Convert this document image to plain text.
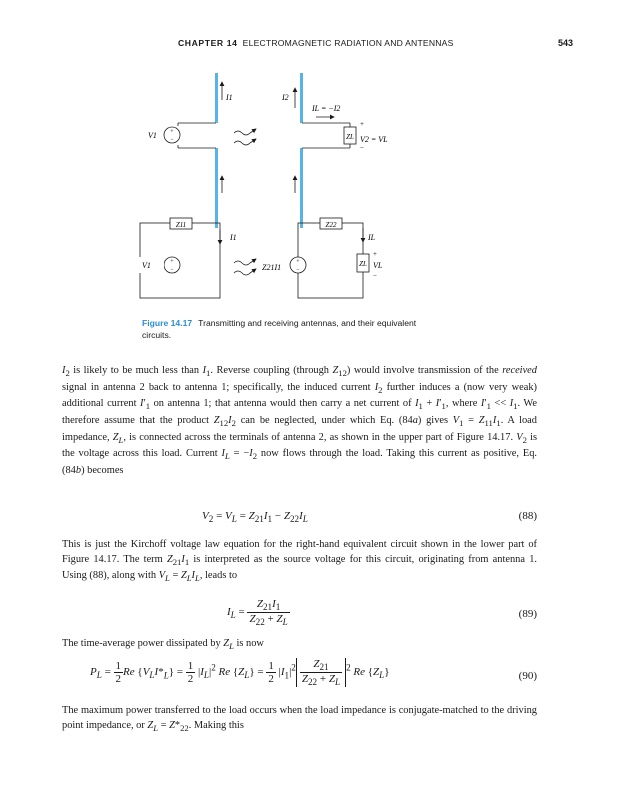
CHAPTER 14 ELECTROMAGNETIC RADIATION AND ANTENNAS	543
+
−
V1
I1
ZL
I2
IL = −I2
+
V2 = VL
−
Z11
+
−
V1
I1
Z21I1
Z22
+
−
ZL
IL
+
VL
−
Figure 14.17 Transmitting and receiving antennas, and their equivalent circuits.

$I_2$ is likely to be much less than $I_1$. Reverse coupling (through $Z_{12}$) would involve transmission of the received signal in antenna 2 back to antenna 1; specifically, the induced current $I_2$ further induces a (now very weak) additional current $I'_1$ on antenna 1; that antenna would then carry a net current of $I_1 + I'_1$, where $I'_1 << I_1$. We therefore assume that the product $Z_{12}I_2$ can be neglected, under which Eq. (84a) gives $V_1 = Z_{11}I_1$. A load impedance, $Z_L$, is connected across the terminals of antenna 2, as shown in the upper part of Figure 14.17. $V_2$ is the voltage across this load. Current $I_L = -I_2$ now flows through the load. Taking this current as positive, Eq. (84b) becomes

$V_2 = V_L = Z_{21}I_1 - Z_{22}I_L$	(88)

This is just the Kirchoff voltage law equation for the right-hand equivalent circuit shown in the lower part of Figure 14.17. The term $Z_{21}I_1$ is interpreted as the source voltage for this circuit, originating from antenna 1. Using (88), along with $V_L = Z_LI_L$, leads to

$I_L = \frac{Z_{21}I_1}{Z_{22} + Z_L}$	(89)

The time-average power dissipated by $Z_L$ is now

$P_L = \frac{1}{2}$ Re $\{V_LI*_L\} = \frac{1}{2} |I_L|^2$ Re $\{Z_L\} = \frac{1}{2} |I_1|^2 \frac{Z_{21}}{Z_{22} + Z_L} ^2$ Re $\{Z_L\}$	(90)

The maximum power transferred to the load occurs when the load impedance is conjugate-matched to the driving point impedance, or $Z_L = Z*_{22}$. Making this
